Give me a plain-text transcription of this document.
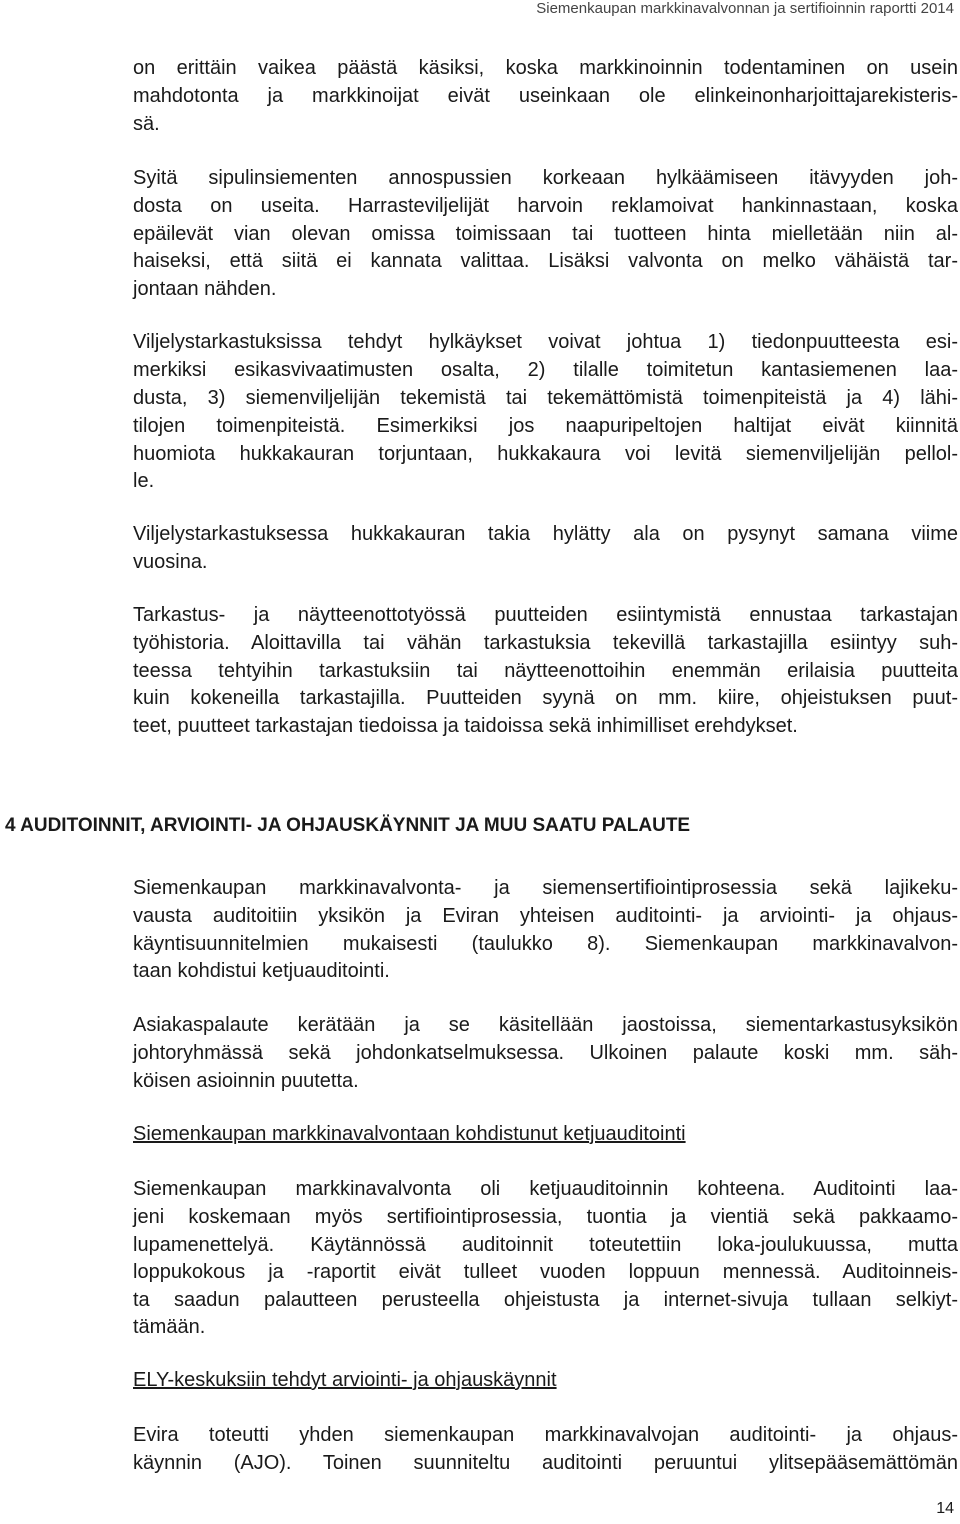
Siemenkaupan markkinavalvonnan ja sertifioinnin raportti 2014
on erittäin vaikea päästä käsiksi, koska markkinoinnin todentaminen on usein
mahdotonta ja markkinoijat eivät useinkaan ole elinkeinonharjoittajarekisteris-
sä.
Syitä sipulinsiementen annospussien korkeaan hylkäämiseen itävyyden joh-
dosta on useita. Harrasteviljelijät harvoin reklamoivat hankinnastaan, koska
epäilevät vian olevan omissa toimissaan tai tuotteen hinta mielletään niin al-
haiseksi, että siitä ei kannata valittaa. Lisäksi valvonta on melko vähäistä tar-
jontaan nähden.
Viljelystarkastuksissa tehdyt hylkäykset voivat johtua 1) tiedonpuutteesta esi-
merkiksi esikasvivaatimusten osalta, 2) tilalle toimitetun kantasiemenen laa-
dusta, 3) siemenviljelijän tekemistä tai tekemättömistä toimenpiteistä ja 4) lähi-
tilojen toimenpiteistä. Esimerkiksi jos naapuripeltojen haltijat eivät kiinnitä
huomiota hukkakauran torjuntaan, hukkakaura voi levitä siemenviljelijän pellol-
le.
Viljelystarkastuksessa hukkakauran takia hylätty ala on pysynyt samana viime
vuosina.
Tarkastus- ja näytteenottotyössä puutteiden esiintymistä ennustaa tarkastajan
työhistoria. Aloittavilla tai vähän tarkastuksia tekevillä tarkastajilla esiintyy suh-
teessa tehtyihin tarkastuksiin tai näytteenottoihin enemmän erilaisia puutteita
kuin kokeneilla tarkastajilla. Puutteiden syynä on mm. kiire, ohjeistuksen puut-
teet, puutteet tarkastajan tiedoissa ja taidoissa sekä inhimilliset erehdykset.
4 AUDITOINNIT, ARVIOINTI- JA OHJAUSKÄYNNIT JA MUU SAATU PALAUTE
Siemenkaupan markkinavalvonta- ja siemensertifiointiprosessia sekä lajikeku-
vausta auditoitiin yksikön ja Eviran yhteisen auditointi- ja arviointi- ja ohjaus-
käyntisuunnitelmien mukaisesti (taulukko 8). Siemenkaupan markkinavalvon-
taan kohdistui ketjuauditointi.
Asiakaspalaute kerätään ja se käsitellään jaostoissa, siementarkastusyksikön
johtoryhmässä sekä johdonkatselmuksessa. Ulkoinen palaute koski mm. säh-
köisen asioinnin puutetta.
Siemenkaupan markkinavalvontaan kohdistunut ketjuauditointi
Siemenkaupan markkinavalvonta oli ketjuauditoinnin kohteena. Auditointi laa-
jeni koskemaan myös sertifiointiprosessia, tuontia ja vientiä sekä pakkaamo-
lupamenettelyä. Käytännössä auditoinnit toteutettiin loka-joulukuussa, mutta
loppukokous ja -raportit eivät tulleet vuoden loppuun mennessä. Auditoinneis-
ta saadun palautteen perusteella ohjeistusta ja internet-sivuja tullaan selkiyt-
tämään.
ELY-keskuksiin tehdyt arviointi- ja ohjauskäynnit
Evira toteutti yhden siemenkaupan markkinavalvojan auditointi- ja ohjaus-
käynnin (AJO). Toinen suunniteltu auditointi peruuntui ylitsepääsemättömän
14
